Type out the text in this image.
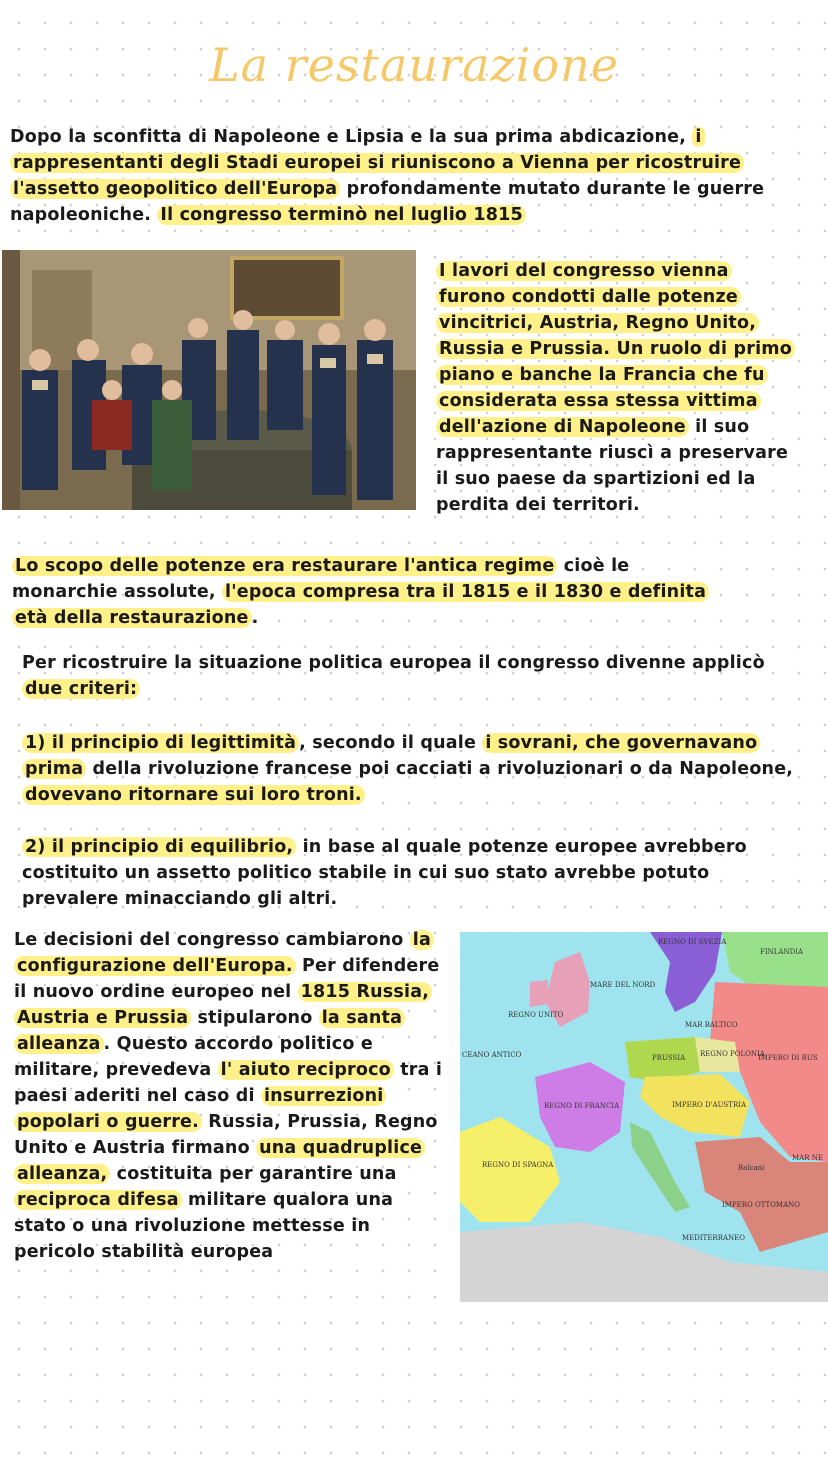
La restaurazione
Dopo la sconfitta di Napoleone e Lipsia e la sua prima abdicazione, i rappresentanti degli Stadi europei si riuniscono a Vienna per ricostruire l'assetto geopolitico dell'Europa profondamente mutato durante le guerre napoleoniche. Il congresso terminò nel luglio 1815
I lavori del congresso vienna furono condotti dalle potenze vincitrici, Austria, Regno Unito, Russia e Prussia. Un ruolo di primo piano e banche la Francia che fu considerata essa stessa vittima dell'azione di Napoleone il suo rappresentante riuscì a preservare il suo paese da spartizioni ed la perdita dei territori.
Lo scopo delle potenze era restaurare l'antica regime cioè le monarchie assolute, l'epoca compresa tra il 1815 e il 1830 e definita età della restaurazione .
Per ricostruire la situazione politica europea il congresso divenne applicò due criteri:
1) il principio di legittimità , secondo il quale i sovrani, che governavano prima della rivoluzione francese poi cacciati a rivoluzionari o da Napoleone, dovevano ritornare sui loro troni.
2) il principio di equilibrio, in base al quale potenze europee avrebbero costituito un assetto politico stabile in cui suo stato avrebbe potuto prevalere minacciando gli altri.
Le decisioni del congresso cambiarono la configurazione dell'Europa. Per difendere il nuovo ordine europeo nel 1815 Russia, Austria e Prussia stipularono la santa alleanza . Questo accordo politico e militare, prevedeva l' aiuto reciproco tra i paesi aderiti nel caso di insurrezioni popolari o guerre. Russia, Prussia, Regno Unito e Austria firmano una quadruplice alleanza, costituita per garantire una reciproca difesa militare qualora una stato o una rivoluzione mettesse in pericolo stabilità europea
REGNO DI SVEZIA
FINLANDIA
REGNO UNITO
MARE DEL NORD
MAR BALTICO
IMPERO DI RUS
CEANO ANTICO
REGNO DI FRANCIA
PRUSSIA REGNO POLONIA
IMPERO D'AUSTRIA
REGNO DI SPAGNA	Balcani
MAR NE
IMPERO OTTOMANO
MEDITERRANEO
